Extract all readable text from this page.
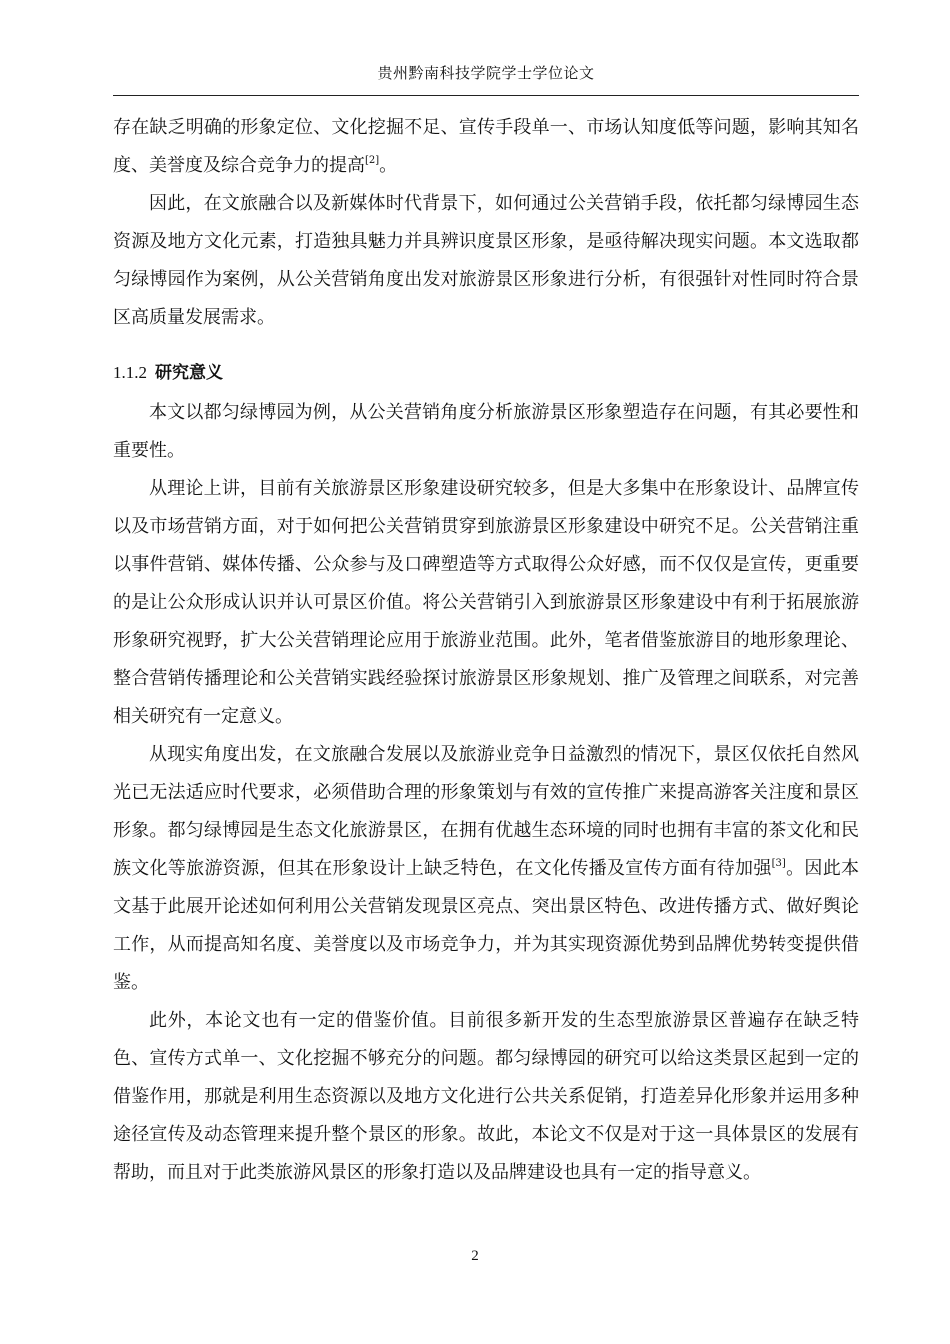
贵州黔南科技学院学士学位论文

存在缺乏明确的形象定位、文化挖掘不足、宣传手段单一、市场认知度低等问题，影响其知名度、美誉度及综合竞争力的提高[2]。

因此，在文旅融合以及新媒体时代背景下，如何通过公关营销手段，依托都匀绿博园生态资源及地方文化元素，打造独具魅力并具辨识度景区形象，是亟待解决现实问题。本文选取都匀绿博园作为案例，从公关营销角度出发对旅游景区形象进行分析，有很强针对性同时符合景区高质量发展需求。

1.1.2 研究意义

本文以都匀绿博园为例，从公关营销角度分析旅游景区形象塑造存在问题，有其必要性和重要性。

从理论上讲，目前有关旅游景区形象建设研究较多，但是大多集中在形象设计、品牌宣传以及市场营销方面，对于如何把公关营销贯穿到旅游景区形象建设中研究不足。公关营销注重以事件营销、媒体传播、公众参与及口碑塑造等方式取得公众好感，而不仅仅是宣传，更重要的是让公众形成认识并认可景区价值。将公关营销引入到旅游景区形象建设中有利于拓展旅游形象研究视野，扩大公关营销理论应用于旅游业范围。此外，笔者借鉴旅游目的地形象理论、整合营销传播理论和公关营销实践经验探讨旅游景区形象规划、推广及管理之间联系，对完善相关研究有一定意义。

从现实角度出发，在文旅融合发展以及旅游业竞争日益激烈的情况下，景区仅依托自然风光已无法适应时代要求，必须借助合理的形象策划与有效的宣传推广来提高游客关注度和景区形象。都匀绿博园是生态文化旅游景区，在拥有优越生态环境的同时也拥有丰富的茶文化和民族文化等旅游资源，但其在形象设计上缺乏特色，在文化传播及宣传方面有待加强[3]。因此本文基于此展开论述如何利用公关营销发现景区亮点、突出景区特色、改进传播方式、做好舆论工作，从而提高知名度、美誉度以及市场竞争力，并为其实现资源优势到品牌优势转变提供借鉴。

此外，本论文也有一定的借鉴价值。目前很多新开发的生态型旅游景区普遍存在缺乏特色、宣传方式单一、文化挖掘不够充分的问题。都匀绿博园的研究可以给这类景区起到一定的借鉴作用，那就是利用生态资源以及地方文化进行公共关系促销，打造差异化形象并运用多种途径宣传及动态管理来提升整个景区的形象。故此，本论文不仅是对于这一具体景区的发展有帮助，而且对于此类旅游风景区的形象打造以及品牌建设也具有一定的指导意义。

2
